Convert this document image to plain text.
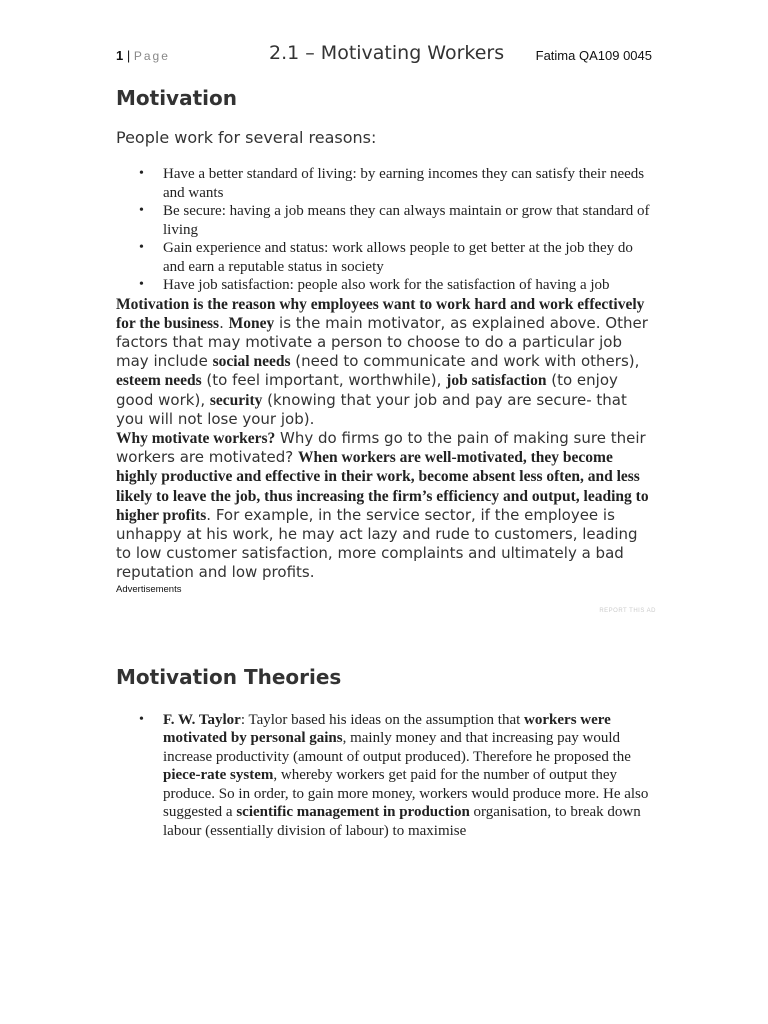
1 | Page	2.1 – Motivating Workers Fatima QA109 0045
Motivation

People work for several reasons:

• Have a better standard of living: by earning incomes they can satisfy their needs and wants
• Be secure: having a job means they can always maintain or grow that standard of living
• Gain experience and status: work allows people to get better at the job they do and earn a reputable status in society
• Have job satisfaction: people also work for the satisfaction of having a job

Motivation is the reason why employees want to work hard and work effectively for the business. Money is the main motivator, as explained above. Other factors that may motivate a person to choose to do a particular job may include social needs (need to communicate and work with others), esteem needs (to feel important, worthwhile), job satisfaction (to enjoy good work), security (knowing that your job and pay are secure- that you will not lose your job).

Why motivate workers? Why do firms go to the pain of making sure their workers are motivated? When workers are well-motivated, they become highly productive and effective in their work, become absent less often, and less likely to leave the job, thus increasing the firm’s efficiency and output, leading to higher profits. For example, in the service sector, if the employee is unhappy at his work, he may act lazy and rude to customers, leading to low customer satisfaction, more complaints and ultimately a bad reputation and low profits.

Advertisements
REPORT THIS AD
Motivation Theories
• F. W. Taylor: Taylor based his ideas on the assumption that workers were motivated by personal gains, mainly money and that increasing pay would increase productivity (amount of output produced). Therefore he proposed the piece-rate system, whereby workers get paid for the number of output they produce. So in order, to gain more money, workers would produce more. He also suggested a scientific management in production organisation, to break down labour (essentially division of labour) to maximise
